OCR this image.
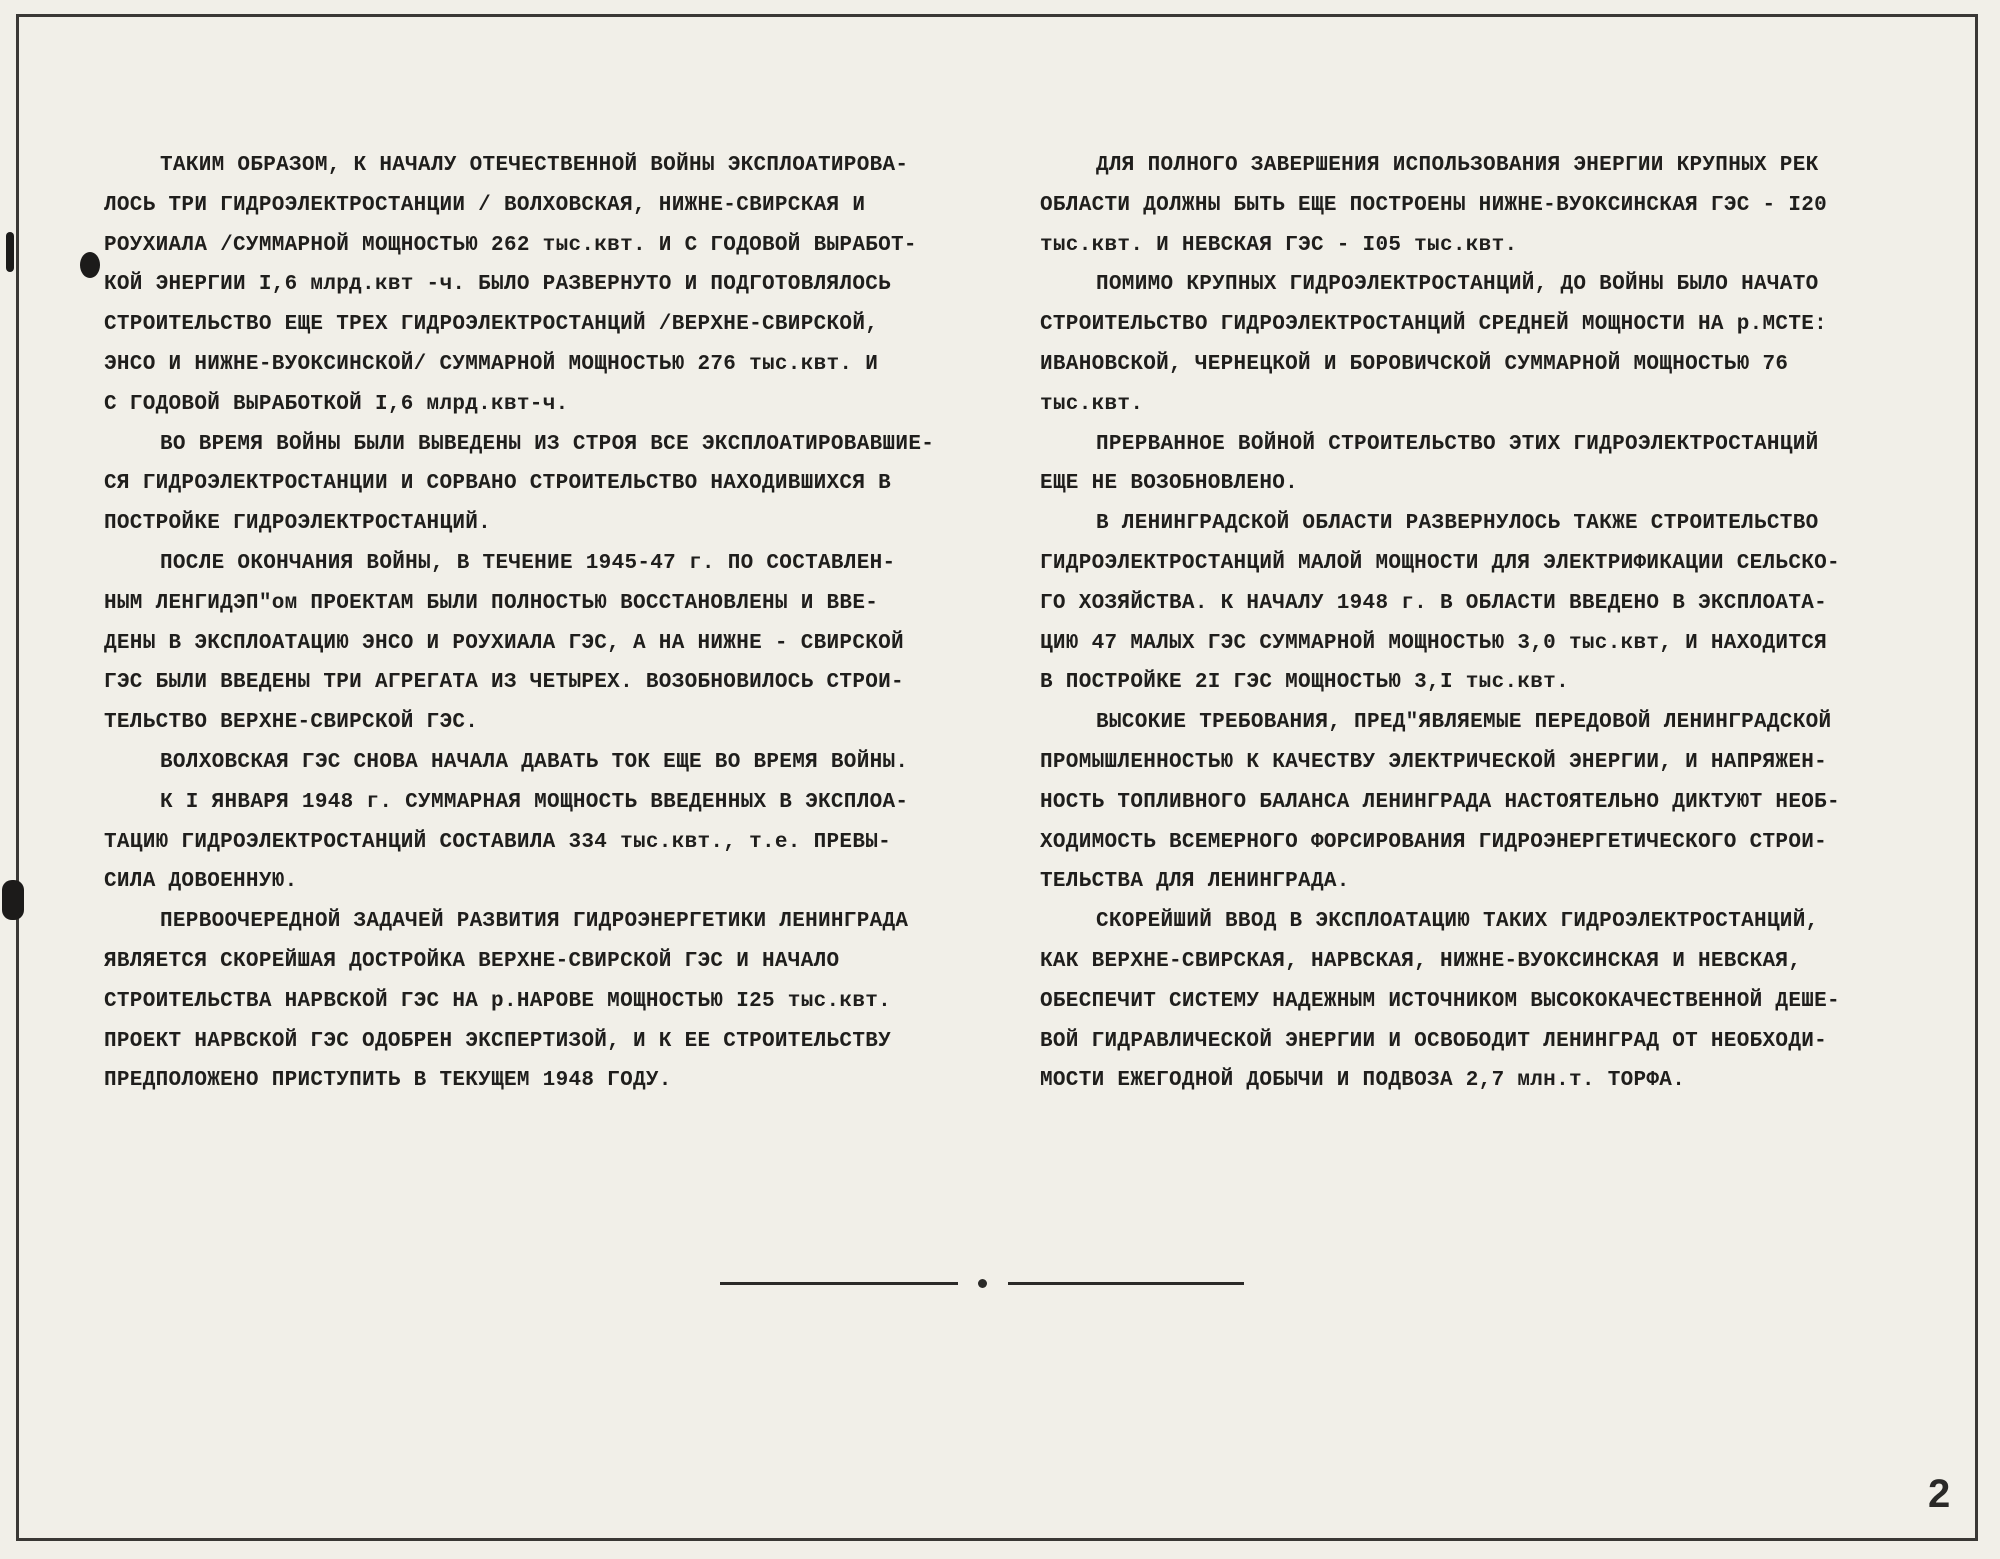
ТАКИМ ОБРАЗОМ, К НАЧАЛУ ОТЕЧЕСТВЕННОЙ ВОЙНЫ ЭКСПЛОАТИРОВА-
ЛОСЬ ТРИ ГИДРОЭЛЕКТРОСТАНЦИИ / ВОЛХОВСКАЯ, НИЖНЕ-СВИРСКАЯ И
РОУХИАЛА /СУММАРНОЙ МОЩНОСТЬЮ 262 тыс.квт. И С ГОДОВОЙ ВЫРАБОТ-
КОЙ ЭНЕРГИИ I,6 млрд.квт -ч. БЫЛО РАЗВЕРНУТО И ПОДГОТОВЛЯЛОСЬ
СТРОИТЕЛЬСТВО ЕЩЕ ТРЕХ ГИДРОЭЛЕКТРОСТАНЦИЙ /ВЕРХНЕ-СВИРСКОЙ,
ЭНСО И НИЖНЕ-ВУОКСИНСКОЙ/ СУММАРНОЙ МОЩНОСТЬЮ 276 тыс.квт. И
С ГОДОВОЙ ВЫРАБОТКОЙ I,6 млрд.квт-ч.
ВО ВРЕМЯ ВОЙНЫ БЫЛИ ВЫВЕДЕНЫ ИЗ СТРОЯ ВСЕ ЭКСПЛОАТИРОВАВШИЕ-
СЯ ГИДРОЭЛЕКТРОСТАНЦИИ И СОРВАНО СТРОИТЕЛЬСТВО НАХОДИВШИХСЯ В
ПОСТРОЙКЕ ГИДРОЭЛЕКТРОСТАНЦИЙ.
ПОСЛЕ ОКОНЧАНИЯ ВОЙНЫ, В ТЕЧЕНИЕ 1945-47 г. ПО СОСТАВЛЕН-
НЫМ ЛЕНГИДЭП"ом ПРОЕКТАМ БЫЛИ ПОЛНОСТЬЮ ВОССТАНОВЛЕНЫ И ВВЕ-
ДЕНЫ В ЭКСПЛОАТАЦИЮ ЭНСО И РОУХИАЛА ГЭС, А НА НИЖНЕ - СВИРСКОЙ
ГЭС БЫЛИ ВВЕДЕНЫ ТРИ АГРЕГАТА ИЗ ЧЕТЫРЕХ. ВОЗОБНОВИЛОСЬ СТРОИ-
ТЕЛЬСТВО ВЕРХНЕ-СВИРСКОЙ ГЭС.
ВОЛХОВСКАЯ ГЭС СНОВА НАЧАЛА ДАВАТЬ ТОК ЕЩЕ ВО ВРЕМЯ ВОЙНЫ.
К I ЯНВАРЯ 1948 г. СУММАРНАЯ МОЩНОСТЬ ВВЕДЕННЫХ В ЭКСПЛОА-
ТАЦИЮ ГИДРОЭЛЕКТРОСТАНЦИЙ СОСТАВИЛА 334 тыс.квт., т.е. ПРЕВЫ-
СИЛА ДОВОЕННУЮ.
ПЕРВООЧЕРЕДНОЙ ЗАДАЧЕЙ РАЗВИТИЯ ГИДРОЭНЕРГЕТИКИ ЛЕНИНГРАДА
ЯВЛЯЕТСЯ СКОРЕЙШАЯ ДОСТРОЙКА ВЕРХНЕ-СВИРСКОЙ ГЭС И НАЧАЛО
СТРОИТЕЛЬСТВА НАРВСКОЙ ГЭС НА р.НАРОВЕ МОЩНОСТЬЮ I25 тыс.квт.
ПРОЕКТ НАРВСКОЙ ГЭС ОДОБРЕН ЭКСПЕРТИЗОЙ, И К ЕЕ СТРОИТЕЛЬСТВУ
ПРЕДПОЛОЖЕНО ПРИСТУПИТЬ В ТЕКУЩЕМ 1948 ГОДУ.
ДЛЯ ПОЛНОГО ЗАВЕРШЕНИЯ ИСПОЛЬЗОВАНИЯ ЭНЕРГИИ КРУПНЫХ РЕК
ОБЛАСТИ ДОЛЖНЫ БЫТЬ ЕЩЕ ПОСТРОЕНЫ НИЖНЕ-ВУОКСИНСКАЯ ГЭС - I20
тыс.квт. И НЕВСКАЯ ГЭС - I05 тыс.квт.
ПОМИМО КРУПНЫХ ГИДРОЭЛЕКТРОСТАНЦИЙ, ДО ВОЙНЫ БЫЛО НАЧАТО
СТРОИТЕЛЬСТВО ГИДРОЭЛЕКТРОСТАНЦИЙ СРЕДНЕЙ МОЩНОСТИ НА р.МСТЕ:
ИВАНОВСКОЙ, ЧЕРНЕЦКОЙ И БОРОВИЧСКОЙ СУММАРНОЙ МОЩНОСТЬЮ 76
тыс.квт.
ПРЕРВАННОЕ ВОЙНОЙ СТРОИТЕЛЬСТВО ЭТИХ ГИДРОЭЛЕКТРОСТАНЦИЙ
ЕЩЕ НЕ ВОЗОБНОВЛЕНО.
В ЛЕНИНГРАДСКОЙ ОБЛАСТИ РАЗВЕРНУЛОСЬ ТАКЖЕ СТРОИТЕЛЬСТВО
ГИДРОЭЛЕКТРОСТАНЦИЙ МАЛОЙ МОЩНОСТИ ДЛЯ ЭЛЕКТРИФИКАЦИИ СЕЛЬСКО-
ГО ХОЗЯЙСТВА. К НАЧАЛУ 1948 г. В ОБЛАСТИ ВВЕДЕНО В ЭКСПЛОАТА-
ЦИЮ 47 МАЛЫХ ГЭС СУММАРНОЙ МОЩНОСТЬЮ 3,0 тыс.квт, И НАХОДИТСЯ
В ПОСТРОЙКЕ 2I ГЭС МОЩНОСТЬЮ 3,I тыс.квт.
ВЫСОКИЕ ТРЕБОВАНИЯ, ПРЕД"ЯВЛЯЕМЫЕ ПЕРЕДОВОЙ ЛЕНИНГРАДСКОЙ
ПРОМЫШЛЕННОСТЬЮ К КАЧЕСТВУ ЭЛЕКТРИЧЕСКОЙ ЭНЕРГИИ, И НАПРЯЖЕН-
НОСТЬ ТОПЛИВНОГО БАЛАНСА ЛЕНИНГРАДА НАСТОЯТЕЛЬНО ДИКТУЮТ НЕОБ-
ХОДИМОСТЬ ВСЕМЕРНОГО ФОРСИРОВАНИЯ ГИДРОЭНЕРГЕТИЧЕСКОГО СТРОИ-
ТЕЛЬСТВА ДЛЯ ЛЕНИНГРАДА.
СКОРЕЙШИЙ ВВОД В ЭКСПЛОАТАЦИЮ ТАКИХ ГИДРОЭЛЕКТРОСТАНЦИЙ,
КАК ВЕРХНЕ-СВИРСКАЯ, НАРВСКАЯ, НИЖНЕ-ВУОКСИНСКАЯ И НЕВСКАЯ,
ОБЕСПЕЧИТ СИСТЕМУ НАДЕЖНЫМ ИСТОЧНИКОМ ВЫСОКОКАЧЕСТВЕННОЙ ДЕШЕ-
ВОЙ ГИДРАВЛИЧЕСКОЙ ЭНЕРГИИ И ОСВОБОДИТ ЛЕНИНГРАД ОТ НЕОБХОДИ-
МОСТИ ЕЖЕГОДНОЙ ДОБЫЧИ И ПОДВОЗА 2,7 млн.т. ТОРФА.
2
